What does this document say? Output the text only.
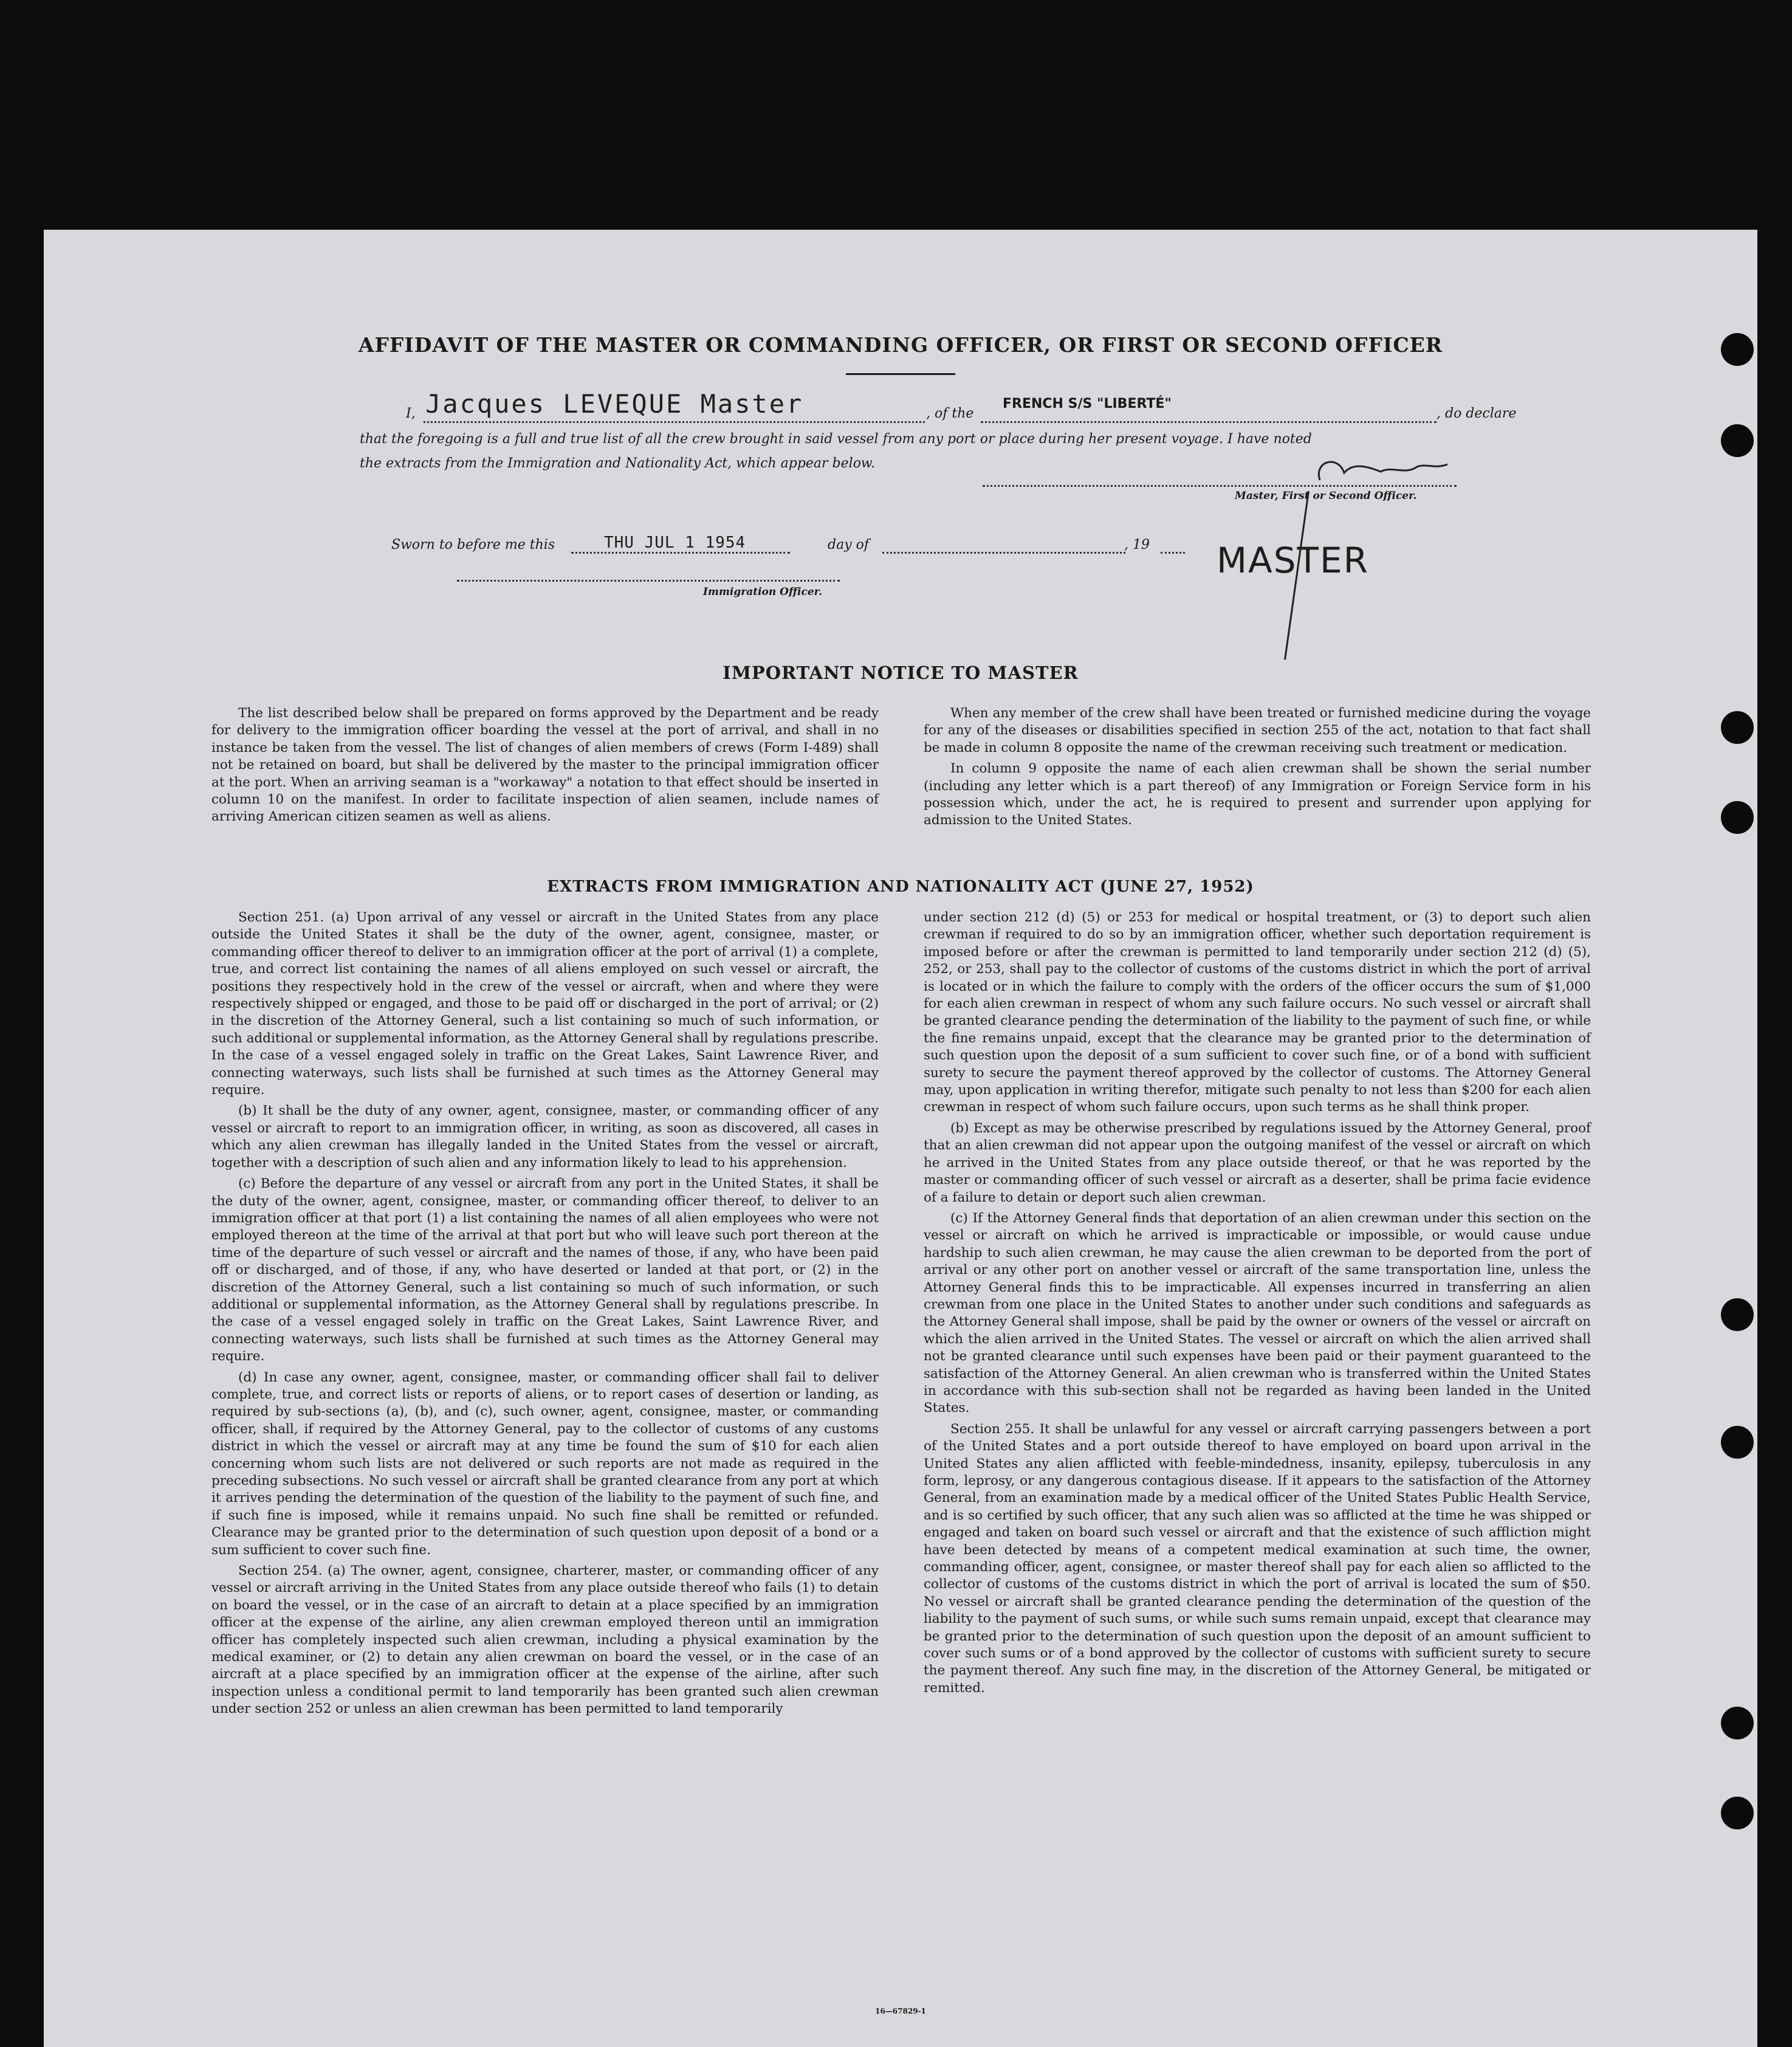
AFFIDAVIT OF THE MASTER OR COMMANDING OFFICER, OR FIRST OR SECOND OFFICER
I, Jacques LEVEQUE Master	, of the
FRENCH S/S "LIBERTÉ"
, do declare
that the foregoing is a full and true list of all the crew brought in said vessel from any port or place during her present voyage. I have noted
the extracts from the Immigration and Nationality Act, which appear below.
Master, First or Second Officer.
Sworn to before me this	THU JUL 1 1954	day of	, 19 MASTER
Immigration Officer.
IMPORTANT NOTICE TO MASTER

The list described below shall be prepared on forms approved by the Department and be ready for delivery to the immigration officer boarding the vessel at the port of arrival, and shall in no instance be taken from the vessel. The list of changes of alien members of crews (Form I-489) shall not be retained on board, but shall be delivered by the master to the principal immigration officer at the port. When an arriving seaman is a "workaway" a notation to that effect should be inserted in column 10 on the manifest. In order to facilitate inspection of alien seamen, include names of arriving American citizen seamen as well as aliens.

When any member of the crew shall have been treated or furnished medicine during the voyage for any of the diseases or disabilities specified in section 255 of the act, notation to that fact shall be made in column 8 opposite the name of the crewman receiving such treatment or medication.

In column 9 opposite the name of each alien crewman shall be shown the serial number (including any letter which is a part thereof) of any Immigration or Foreign Service form in his possession which, under the act, he is required to present and surrender upon applying for admission to the United States.

EXTRACTS FROM IMMIGRATION AND NATIONALITY ACT (JUNE 27, 1952)

Section 251. (a) Upon arrival of any vessel or aircraft in the United States from any place outside the United States it shall be the duty of the owner, agent, consignee, master, or commanding officer thereof to deliver to an immigration officer at the port of arrival (1) a complete, true, and correct list containing the names of all aliens employed on such vessel or aircraft, the positions they respectively hold in the crew of the vessel or aircraft, when and where they were respectively shipped or engaged, and those to be paid off or discharged in the port of arrival; or (2) in the discretion of the Attorney General, such a list containing so much of such information, or such additional or supplemental information, as the Attorney General shall by regulations prescribe. In the case of a vessel engaged solely in traffic on the Great Lakes, Saint Lawrence River, and connecting waterways, such lists shall be furnished at such times as the Attorney General may require.

(b) It shall be the duty of any owner, agent, consignee, master, or commanding officer of any vessel or aircraft to report to an immigration officer, in writing, as soon as discovered, all cases in which any alien crewman has illegally landed in the United States from the vessel or aircraft, together with a description of such alien and any information likely to lead to his apprehension.

(c) Before the departure of any vessel or aircraft from any port in the United States, it shall be the duty of the owner, agent, consignee, master, or commanding officer thereof, to deliver to an immigration officer at that port (1) a list containing the names of all alien employees who were not employed thereon at the time of the arrival at that port but who will leave such port thereon at the time of the departure of such vessel or aircraft and the names of those, if any, who have been paid off or discharged, and of those, if any, who have deserted or landed at that port, or (2) in the discretion of the Attorney General, such a list containing so much of such information, or such additional or supplemental information, as the Attorney General shall by regulations prescribe. In the case of a vessel engaged solely in traffic on the Great Lakes, Saint Lawrence River, and connecting waterways, such lists shall be furnished at such times as the Attorney General may require.

(d) In case any owner, agent, consignee, master, or commanding officer shall fail to deliver complete, true, and correct lists or reports of aliens, or to report cases of desertion or landing, as required by sub-sections (a), (b), and (c), such owner, agent, consignee, master, or commanding officer, shall, if required by the Attorney General, pay to the collector of customs of any customs district in which the vessel or aircraft may at any time be found the sum of $10 for each alien concerning whom such lists are not delivered or such reports are not made as required in the preceding subsections. No such vessel or aircraft shall be granted clearance from any port at which it arrives pending the determination of the question of the liability to the payment of such fine, and if such fine is imposed, while it remains unpaid. No such fine shall be remitted or refunded. Clearance may be granted prior to the determination of such question upon deposit of a bond or a sum sufficient to cover such fine.

Section 254. (a) The owner, agent, consignee, charterer, master, or commanding officer of any vessel or aircraft arriving in the United States from any place outside thereof who fails (1) to detain on board the vessel, or in the case of an aircraft to detain at a place specified by an immigration officer at the expense of the airline, any alien crewman employed thereon until an immigration officer has completely inspected such alien crewman, including a physical examination by the medical examiner, or (2) to detain any alien crewman on board the vessel, or in the case of an aircraft at a place specified by an immigration officer at the expense of the airline, after such inspection unless a conditional permit to land temporarily has been granted such alien crewman under section 252 or unless an alien crewman has been permitted to land temporarily

under section 212 (d) (5) or 253 for medical or hospital treatment, or (3) to deport such alien crewman if required to do so by an immigration officer, whether such deportation requirement is imposed before or after the crewman is permitted to land temporarily under section 212 (d) (5), 252, or 253, shall pay to the collector of customs of the customs district in which the port of arrival is located or in which the failure to comply with the orders of the officer occurs the sum of $1,000 for each alien crewman in respect of whom any such failure occurs. No such vessel or aircraft shall be granted clearance pending the determination of the liability to the payment of such fine, or while the fine remains unpaid, except that the clearance may be granted prior to the determination of such question upon the deposit of a sum sufficient to cover such fine, or of a bond with sufficient surety to secure the payment thereof approved by the collector of customs. The Attorney General may, upon application in writing therefor, mitigate such penalty to not less than $200 for each alien crewman in respect of whom such failure occurs, upon such terms as he shall think proper.

(b) Except as may be otherwise prescribed by regulations issued by the Attorney General, proof that an alien crewman did not appear upon the outgoing manifest of the vessel or aircraft on which he arrived in the United States from any place outside thereof, or that he was reported by the master or commanding officer of such vessel or aircraft as a deserter, shall be prima facie evidence of a failure to detain or deport such alien crewman.

(c) If the Attorney General finds that deportation of an alien crewman under this section on the vessel or aircraft on which he arrived is impracticable or impossible, or would cause undue hardship to such alien crewman, he may cause the alien crewman to be deported from the port of arrival or any other port on another vessel or aircraft of the same transportation line, unless the Attorney General finds this to be impracticable. All expenses incurred in transferring an alien crewman from one place in the United States to another under such conditions and safeguards as the Attorney General shall impose, shall be paid by the owner or owners of the vessel or aircraft on which the alien arrived in the United States. The vessel or aircraft on which the alien arrived shall not be granted clearance until such expenses have been paid or their payment guaranteed to the satisfaction of the Attorney General. An alien crewman who is transferred within the United States in accordance with this sub-section shall not be regarded as having been landed in the United States.

Section 255. It shall be unlawful for any vessel or aircraft carrying passengers between a port of the United States and a port outside thereof to have employed on board upon arrival in the United States any alien afflicted with feeble-mindedness, insanity, epilepsy, tuberculosis in any form, leprosy, or any dangerous contagious disease. If it appears to the satisfaction of the Attorney General, from an examination made by a medical officer of the United States Public Health Service, and is so certified by such officer, that any such alien was so afflicted at the time he was shipped or engaged and taken on board such vessel or aircraft and that the existence of such affliction might have been detected by means of a competent medical examination at such time, the owner, commanding officer, agent, consignee, or master thereof shall pay for each alien so afflicted to the collector of customs of the customs district in which the port of arrival is located the sum of $50. No vessel or aircraft shall be granted clearance pending the determination of the question of the liability to the payment of such sums, or while such sums remain unpaid, except that clearance may be granted prior to the determination of such question upon the deposit of an amount sufficient to cover such sums or of a bond approved by the collector of customs with sufficient surety to secure the payment thereof. Any such fine may, in the discretion of the Attorney General, be mitigated or remitted.

16—67829-1
